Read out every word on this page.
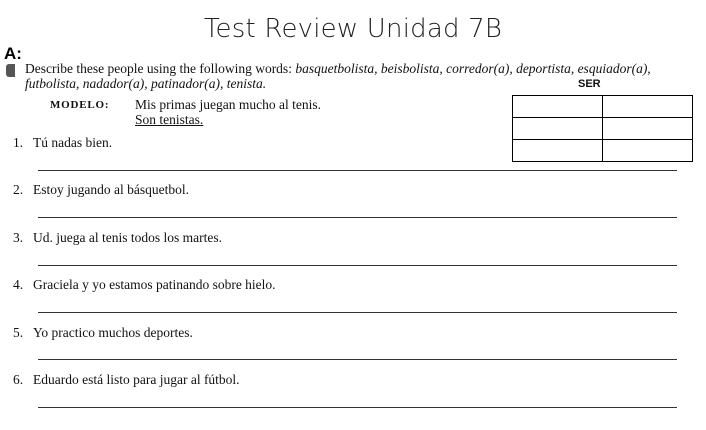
Test Review Unidad 7B
A:
Describe these people using the following words: basquetbolista, beisbolista, corredor(a), deportista, esquiador(a), futbolista, nadador(a), patinador(a), tenista.
MODELO: Mis primas juegan mucho al tenis.
Son tenistas.
SER

1. Tú nadas bien.
2. Estoy jugando al básquetbol.
3. Ud. juega al tenis todos los martes.
4. Graciela y yo estamos patinando sobre hielo.
5. Yo practico muchos deportes.
6. Eduardo está listo para jugar al fútbol.
